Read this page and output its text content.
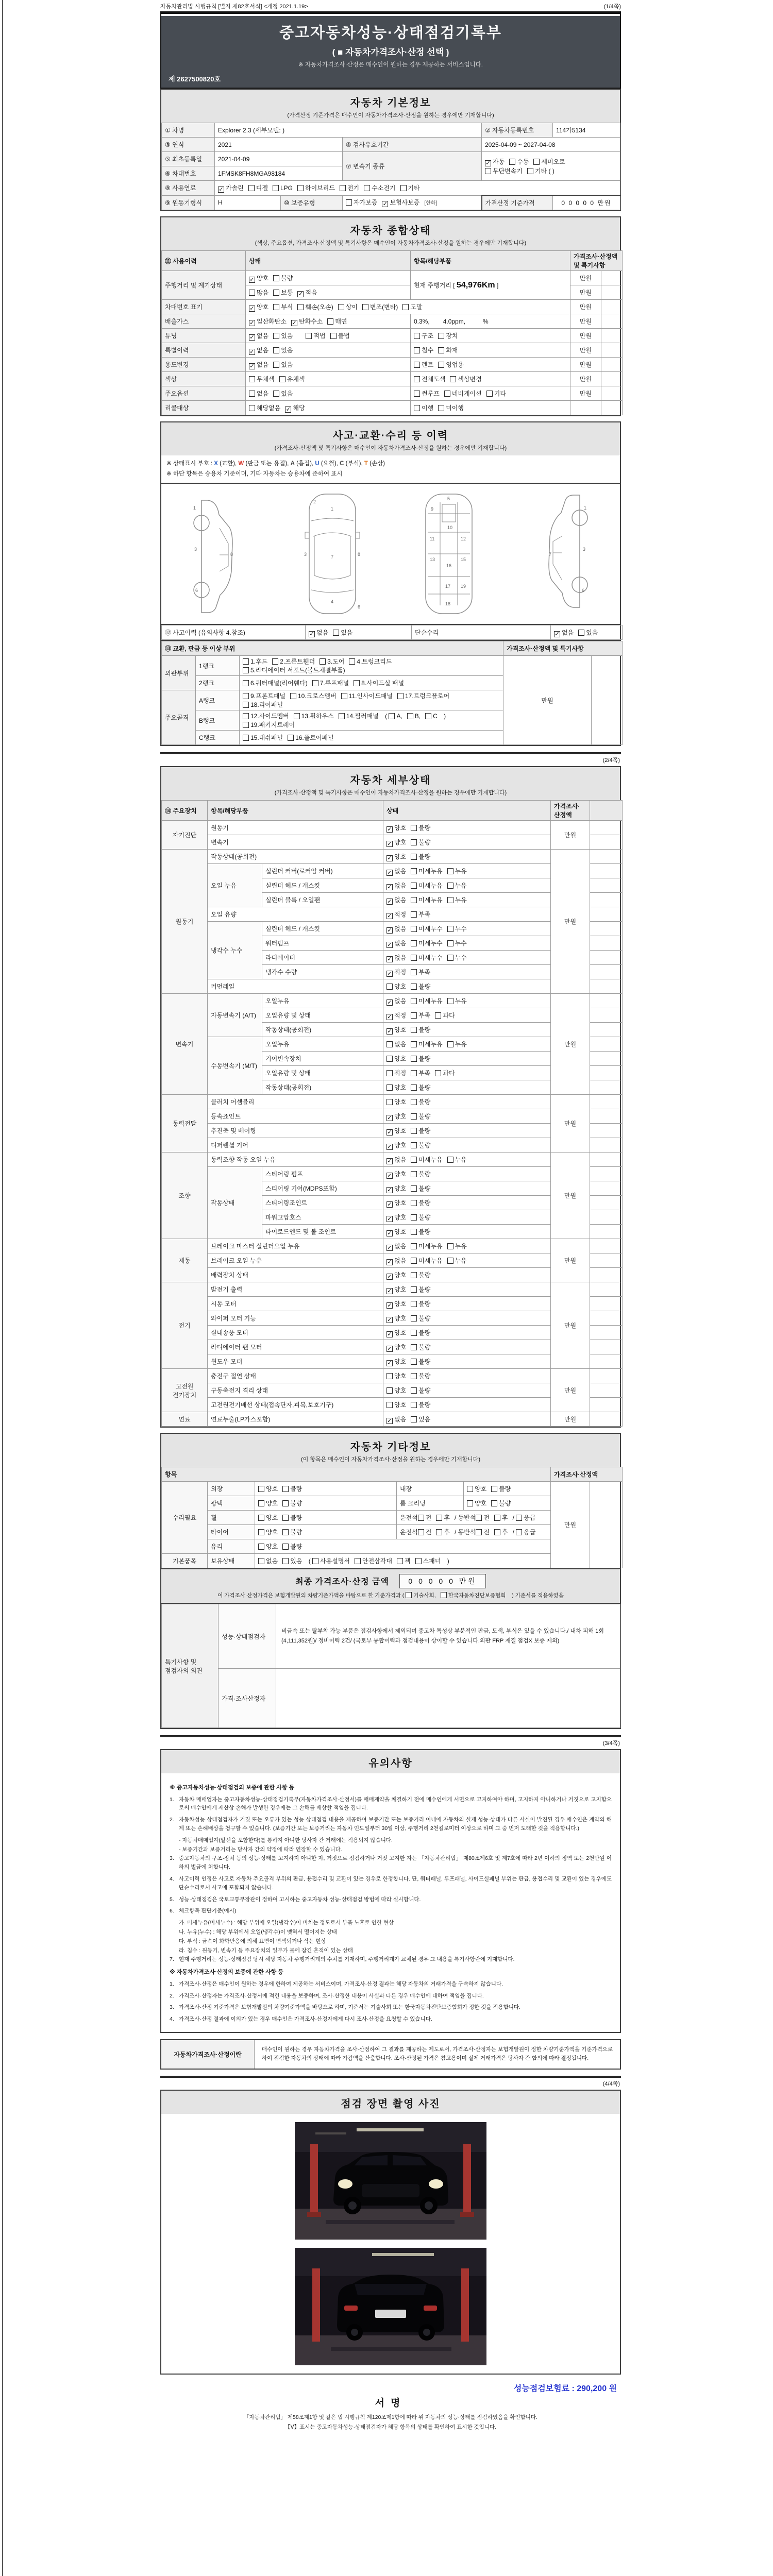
자동차관리법 시행규칙 [별지 제82호서식] <개정 2021.1.19>	(1/4쪽)
중고자동차성능·상태점검기록부
( ■ 자동차가격조사·산정 선택 )
※ 자동차가격조사·산정은 매수인이 원하는 경우 제공하는 서비스입니다.
제 2627500820호
자동차 기본정보
(가격산정 기준가격은 매수인이 자동차가격조사·산정을 원하는 경우에만 기재합니다)
① 차명	Explorer 2.3 (세부모델: )			② 자동차등록번호	114가5134
③ 연식	2021		④ 검사유효기간	2025-04-09 ~ 2027-04-08	
⑤ 최초등록일	2021-04-09		⑦ 변속기 종류	✓ 자동 수동 세미오토
무단변속기 기타 ( )	
⑥ 차대번호	1FMSK8FH8MGA98184				
⑧ 사용연료	✓ 가솔린 디젤 LPG 하이브리드 전기 수소전기 기타				
⑨ 원동기형식	H	⑩ 보증유형	자가보증 ✓ 보험사보증 [한화]	가격산정 기준가격	0 0 0 0 0 만원
자동차 종합상태
(색상, 주요옵션, 가격조사·산정액 및 특기사항은 매수인이 자동차가격조사·산정을 원하는 경우에만 기재합니다)
⑪ 사용이력	상태	항목/해당부품	가격조사·산정액 및 특기사항	
주행거리 및 계기상태	✓ 양호 불량	현재 주행거리 [ 54,976Km ]	만원	
	많음 보통 ✓ 적음		만원	
차대번호 표기	✓ 양호 부식 훼손(오손) 상이 변조(변타) 도말		만원	
배출가스	✓ 일산화탄소 ✓ 탄화수소 매연	0.3%, 4.0ppm, %	만원	
튜닝	✓ 없음 있음 적법 불법	구조 장치	만원	
특별이력	✓ 없음 있음	침수 화재	만원	
용도변경	✓ 없음 있음	렌트 영업용	만원	
색상	무채색 유채색	전체도색 색상변경	만원	
주요옵션	없음 있음	썬루프 네비게이션 기타	만원	
리콜대상	해당없음 ✓ 해당	이행 미이행		
사고·교환·수리 등 이력
(가격조사·산정액 및 특기사항은 매수인이 자동차가격조사·산정을 원하는 경우에만 기재합니다)
※ 상태표시 부호 : X (교환), W (판금 또는 용접), A (흠집), U (요철), C (부식), T (손상)
※ 하단 항목은 승용차 기준이며, 기타 자동차는 승용차에 준하여 표시
1
3
6
8
1
2
3
4
6
7	8
5
9
10
11	12
13	15
16
17
18
19
1
3
6
7
⑫ 사고이력 (유의사항 4.참조)	✓ 없음 있음	단순수리	✓ 없음 있음
⑬ 교환, 판금 등 이상 부위			가격조사·산정액 및 특기사항	
외판부위	1랭크	1.후드 2.프론트휀더 3.도어 4.트렁크리드
5.라디에이터 서포트(볼트체결부품)	만원	
	2랭크	6.쿼터패널(리어휀다) 7.루프패널 8.사이드실 패널		
주요골격	A랭크	9.프론트패널 10.크로스멤버 11.인사이드패널 17.트렁크플로어
18.리어패널		
	B랭크	12.사이드멤버 13.휠하우스 14.필러패널 ( A, B, C )
19.패키지트레이		
	C랭크	15.대쉬패널 16.플로어패널		
(2/4쪽)
자동차 세부상태
(가격조사·산정액 및 특기사항은 매수인이 자동차가격조사·산정을 원하는 경우에만 기재합니다)
⑭ 주요장치	항목/해당부품		상태	가격조사·산정액	
자기진단	원동기		✓ 양호 불량	만원	
	변속기		✓ 양호 불량		
원동기	작동상태(공회전)		✓ 양호 불량	만원	
	오일 누유	실린더 커버(로커암 커버)	✓ 없음 미세누유 누유		
		실린더 헤드 / 개스킷	✓ 없음 미세누유 누유		
		실린더 블록 / 오일팬	✓ 없음 미세누유 누유		
	오일 유량		✓ 적정 부족		
	냉각수 누수	실린더 헤드 / 개스킷	✓ 없음 미세누수 누수		
		워터펌프	✓ 없음 미세누수 누수		
		라디에이터	✓ 없음 미세누수 누수		
		냉각수 수량	✓ 적정 부족		
	커먼레일		양호 불량		
변속기	자동변속기 (A/T)	오일누유	✓ 없음 미세누유 누유	만원	
		오일유량 및 상태	✓ 적정 부족 과다		
		작동상태(공회전)	✓ 양호 불량		
	수동변속기 (M/T)	오일누유	없음 미세누유 누유		
		기어변속장치	양호 불량		
		오일유량 및 상태	적정 부족 과다		
		작동상태(공회전)	양호 불량		
동력전달	클러치 어셈블리		양호 불량	만원	
	등속죠인트		✓ 양호 불량		
	추진축 및 베어링		✓ 양호 불량		
	디퍼렌셜 기어		✓ 양호 불량		
조향	동력조향 작동 오일 누유		✓ 없음 미세누유 누유	만원	
	작동상태	스티어링 펌프	✓ 양호 불량		
		스티어링 기어(MDPS포함)	✓ 양호 불량		
		스티어링조인트	✓ 양호 불량		
		파워고압호스	✓ 양호 불량		
		타이로드엔드 및 볼 조인트	✓ 양호 불량		
제동	브레이크 마스터 실린더오일 누유		✓ 없음 미세누유 누유	만원	
	브레이크 오일 누유		✓ 없음 미세누유 누유		
	배력장치 상태		✓ 양호 불량		
전기	발전기 출력		✓ 양호 불량	만원	
	시동 모터		✓ 양호 불량		
	와이퍼 모터 기능		✓ 양호 불량		
	실내송풍 모터		✓ 양호 불량		
	라디에이터 팬 모터		✓ 양호 불량		
	윈도우 모터		✓ 양호 불량		
고전원
전기장치	충전구 절연 상태		양호 불량	만원	
	구동축전지 격리 상태		양호 불량		
	고전원전기배선 상태(접속단자,피복,보호기구)		양호 불량		
연료	연료누출(LP가스포함)		✓ 없음 있음	만원	
자동차 기타정보
(이 항목은 매수인이 자동차가격조사·산정을 원하는 경우에만 기재합니다)
항목					가격조사·산정액	
수리필요	외장	양호 불량	내장	양호 불량	만원	
	광택	양호 불량	룸 크리닝	양호 불량		
	휠	양호 불량	운전석 전 후 / 동반석 전 후 / 응급			
	타이어	양호 불량	운전석 전 후 / 동반석 전 후 / 응급			
	유리	양호 불량				
기본품목	보유상태	없음 있음 ( 사용설명서 안전삼각대 잭 스패너 )				
최종 가격조사·산정 금액	0 0 0 0 0 만원
이 가격조사·산정가격은 보험개발원의 차량기준가액을 바탕으로 한 기준가격과 ( 기술사회, 한국자동차진단보증협회 ) 기준서를 적용하였음
특기사항 및 점검자의 의견	성능·상태점검자	비금속 또는 탈부착 가능 부품은 점검사항에서 제외되며 중고차 특성상 부분적인 판금, 도색, 부식은 있을 수 있습니다./ 내차 피해 1회 (4,111,352원)/ 정비이력 2건/ (국토부 통합이력과 점검내용이 상이할 수 있습니다.외판 FRP 재질 점검X 보증 제외)
	가격·조사산정자	
(3/4쪽)
유의사항
※ 중고자동차성능·상태점검의 보증에 관한 사항 등
1. 자동차 매매업자는 중고자동차성능·상태점검기록부(자동차가격조사·산정서)를 매매계약을 체결하기 전에 매수인에게 서면으로 고지하여야 하며, 고지하지 아니하거나 거짓으로 고지함으로써 매수인에게 재산상 손해가 발생한 경우에는 그 손해를 배상할 책임을 집니다.
2. 자동차성능·상태점검자가 거짓 또는 오류가 있는 성능·상태점검 내용을 제공하여 보증기간 또는 보증거리 이내에 자동차의 실제 성능·상태가 다른 사실이 발견된 경우 매수인은 계약의 해제 또는 손해배상을 청구할 수 있습니다. (보증기간 또는 보증거리는 자동차 인도일부터 30일 이상, 주행거리 2천킬로미터 이상으로 하며 그 중 먼저 도래한 것을 적용합니다.)
- 자동차매매업자(알선을 포함한다)를 통하지 아니한 당사자 간 거래에는 적용되지 않습니다.
- 보증기간과 보증거리는 당사자 간의 약정에 따라 연장할 수 있습니다.
3. 중고자동차의 구조·장치 등의 성능·상태를 고지하지 아니한 자, 거짓으로 점검하거나 거짓 고지한 자는 「자동차관리법」 제80조제6호 및 제7호에 따라 2년 이하의 징역 또는 2천만원 이하의 벌금에 처합니다.
4. 사고이력 인정은 사고로 자동차 주요골격 부위의 판금, 용접수리 및 교환이 있는 경우로 한정합니다. 단, 쿼터패널, 루프패널, 사이드실패널 부위는 판금, 용접수리 및 교환이 있는 경우에도 단순수리로서 사고에 포함되지 않습니다.
5. 성능·상태점검은 국토교통부장관이 정하여 고시하는 중고자동차 성능·상태점검 방법에 따라 실시합니다.
6. 체크항목 판단기준(예시)
가. 미세누유(미세누수) : 해당 부위에 오일(냉각수)이 비치는 정도로서 부품 노후로 인한 현상
나. 누유(누수) : 해당 부위에서 오일(냉각수)이 맺혀서 떨어지는 상태
다. 부식 : 금속이 화학반응에 의해 표면이 변색되거나 삭는 현상
라. 침수 : 원동기, 변속기 등 주요장치의 일부가 물에 잠긴 흔적이 있는 상태
7. 현재 주행거리는 성능·상태점검 당시 해당 자동차 주행거리계의 수치를 기재하며, 주행거리계가 교체된 경우 그 내용을 특기사항란에 기재합니다.
※ 자동차가격조사·산정의 보증에 관한 사항 등
1. 가격조사·산정은 매수인이 원하는 경우에 한하여 제공하는 서비스이며, 가격조사·산정 결과는 해당 자동차의 거래가격을 구속하지 않습니다.
2. 가격조사·산정자는 가격조사·산정서에 적힌 내용을 보증하며, 조사·산정한 내용이 사실과 다른 경우 매수인에 대하여 책임을 집니다.
3. 가격조사·산정 기준가격은 보험개발원의 차량기준가액을 바탕으로 하며, 기준서는 기술사회 또는 한국자동차진단보증협회가 정한 것을 적용합니다.
4. 가격조사·산정 결과에 이의가 있는 경우 매수인은 가격조사·산정자에게 다시 조사·산정을 요청할 수 있습니다.
자동차가격조사·산정이란
매수인이 원하는 경우 자동차가격을 조사·산정하여 그 결과를 제공하는 제도로서, 가격조사·산정자는 보험개발원이 정한 차량기준가액을 기준가격으로 하여 점검한 자동차의 상태에 따라 가감액을 산출합니다. 조사·산정된 가격은 참고용이며 실제 거래가격은 당사자 간 합의에 따라 결정됩니다.
(4/4쪽)
점검 장면 촬영 사진
성능점검보험료 : 290,200 원
서명
「자동차관리법」 제58조제1항 및 같은 법 시행규칙 제120조제1항에 따라 위 자동차의 성능·상태를 점검하였음을 확인합니다.
【Ⅴ】표시는 중고자동차성능·상태점검자가 해당 항목의 상태를 확인하여 표시한 것입니다.
